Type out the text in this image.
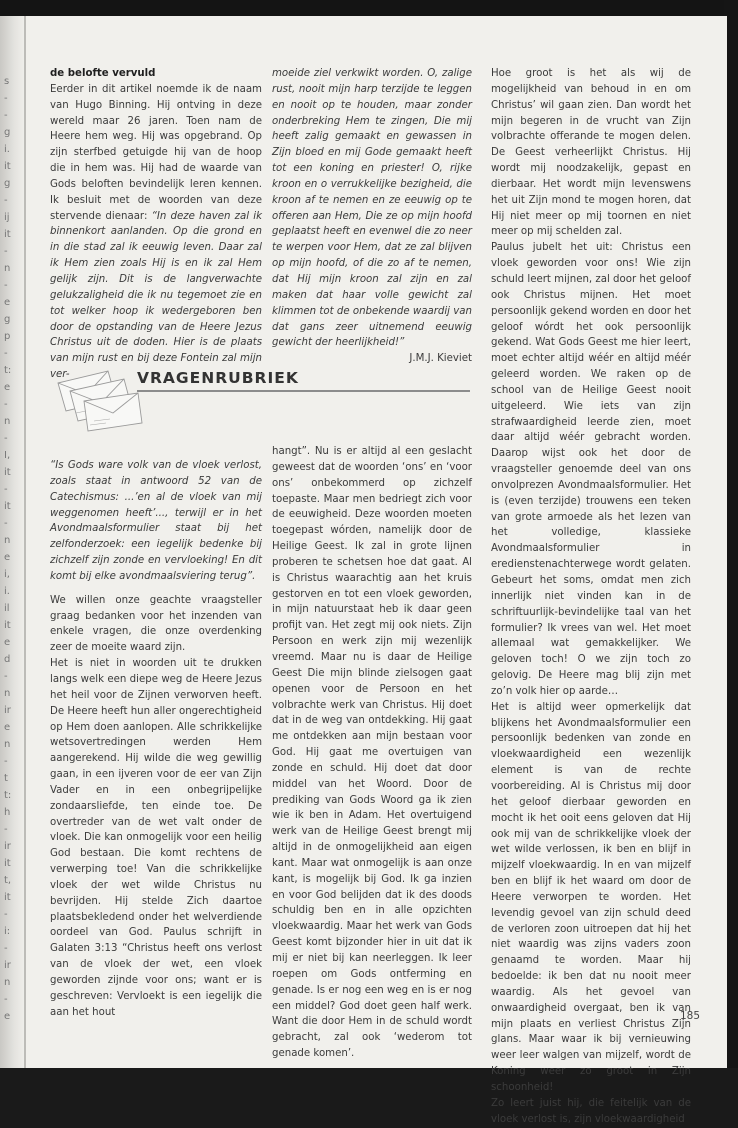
s
-
-
g
i.
it
g
-
ij
it
-
n
-
e
g
p
-
t:
e
-
n
-
I,
it
-
it
-
n
e
i,
i.
il
it
e
d
-
n
ir
e
n
-
t
t:
h
-
ir
it
t,
it
-
i:
-
ir
n
-
e

de belofte vervuld

Eerder in dit artikel noemde ik de naam van Hugo Binning. Hij ontving in deze wereld maar 26 jaren. Toen nam de Heere hem weg. Hij was opgebrand. Op zijn sterfbed getuigde hij van de hoop die in hem was. Hij had de waarde van Gods beloften bevindelijk leren kennen. Ik besluit met de woorden van deze stervende dienaar: “In deze haven zal ik binnenkort aanlanden. Op die grond en in die stad zal ik eeuwig leven. Daar zal ik Hem zien zoals Hij is en ik zal Hem gelijk zijn. Dit is de langverwachte gelukzaligheid die ik nu tegemoet zie en tot welker hoop ik wedergeboren ben door de opstanding van de Heere Jezus Christus uit de doden. Hier is de plaats van mijn rust en bij deze Fontein zal mijn ver-

moeide ziel verkwikt worden. O, zalige rust, nooit mijn harp terzijde te leggen en nooit op te houden, maar zonder onderbreking Hem te zingen, Die mij heeft zalig gemaakt en gewassen in Zijn bloed en mij Gode gemaakt heeft tot een koning en priester! O, rijke kroon en o verrukkelijke bezigheid, die kroon af te nemen en ze eeuwig op te offeren aan Hem, Die ze op mijn hoofd geplaatst heeft en evenwel die zo neer te werpen voor Hem, dat ze zal blijven op mijn hoofd, of die zo af te nemen, dat Hij mijn kroon zal zijn en zal maken dat haar volle gewicht zal klimmen tot de onbekende waardij van dat gans zeer uitnemend eeuwig gewicht der heerlijkheid!”

J.M.J. Kieviet

VRAGENRUBRIEK

“Is Gods ware volk van de vloek verlost, zoals staat in antwoord 52 van de Catechismus: ...’en al de vloek van mij weggenomen heeft’..., terwijl er in het Avondmaalsformulier staat bij het zelfonderzoek: een iegelijk bedenke bij zichzelf zijn zonde en vervloeking! En dit komt bij elke avondmaalsviering terug”.

We willen onze geachte vraagsteller graag bedanken voor het inzenden van enkele vragen, die onze overdenking zeer de moeite waard zijn.

Het is niet in woorden uit te drukken langs welk een diepe weg de Heere Jezus het heil voor de Zijnen verworven heeft. De Heere heeft hun aller ongerechtigheid op Hem doen aanlopen. Alle schrikkelijke wetsovertredingen werden Hem aangerekend. Hij wilde die weg gewillig gaan, in een ijveren voor de eer van Zijn Vader en in een onbegrijpelijke zondaarsliefde, ten einde toe. De overtreder van de wet valt onder de vloek. Die kan onmogelijk voor een heilig God bestaan. Die komt rechtens de verwerping toe! Van die schrikkelijke vloek der wet wilde Christus nu bevrijden. Hij stelde Zich daartoe plaatsbekledend onder het welverdiende oordeel van God. Paulus schrijft in Galaten 3:13 “Christus heeft ons verlost van de vloek der wet, een vloek geworden zijnde voor ons; want er is geschreven: Vervloekt is een iegelijk die aan het hout

hangt”. Nu is er altijd al een geslacht geweest dat de woorden ‘ons’ en ‘voor ons’ onbekommerd op zichzelf toepaste. Maar men bedriegt zich voor de eeuwigheid. Deze woorden moeten toegepast wórden, namelijk door de Heilige Geest. Ik zal in grote lijnen proberen te schetsen hoe dat gaat. Al is Christus waarachtig aan het kruis gestorven en tot een vloek geworden, in mijn natuurstaat heb ik daar geen profijt van. Het zegt mij ook niets. Zijn Persoon en werk zijn mij wezenlijk vreemd. Maar nu is daar de Heilige Geest Die mijn blinde zielsogen gaat openen voor de Persoon en het volbrachte werk van Christus. Hij doet dat in de weg van ontdekking. Hij gaat me ontdekken aan mijn bestaan voor God. Hij gaat me overtuigen van zonde en schuld. Hij doet dat door middel van het Woord. Door de prediking van Gods Woord ga ik zien wie ik ben in Adam. Het overtuigend werk van de Heilige Geest brengt mij altijd in de onmogelijkheid aan eigen kant. Maar wat onmogelijk is aan onze kant, is mogelijk bij God. Ik ga inzien en voor God belijden dat ik des doods schuldig ben en in alle opzichten vloekwaardig. Maar het werk van Gods Geest komt bijzonder hier in uit dat ik mij er niet bij kan neerleggen. Ik leer roepen om Gods ontferming en genade. Is er nog een weg en is er nog een middel? God doet geen half werk. Want die door Hem in de schuld wordt gebracht, zal ook ‘wederom tot genade komen’.

Hoe groot is het als wij de mogelijkheid van behoud in en om Christus’ wil gaan zien. Dan wordt het mijn begeren in de vrucht van Zijn volbrachte offerande te mogen delen. De Geest verheerlijkt Christus. Hij wordt mij noodzakelijk, gepast en dierbaar. Het wordt mijn levenswens het uit Zijn mond te mogen horen, dat Hij niet meer op mij toornen en niet meer op mij schelden zal.

Paulus jubelt het uit: Christus een vloek geworden voor ons! Wie zijn schuld leert mijnen, zal door het geloof ook Christus mijnen. Het moet persoonlijk gekend worden en door het geloof wórdt het ook persoonlijk gekend. Wat Gods Geest me hier leert, moet echter altijd wéér en altijd méér geleerd worden. We raken op de school van de Heilige Geest nooit uitgeleerd. Wie iets van zijn strafwaardigheid leerde zien, moet daar altijd wéér gebracht worden. Daarop wijst ook het door de vraagsteller genoemde deel van ons onvolprezen Avondmaalsformulier. Het is (even terzijde) trouwens een teken van grote armoede als het lezen van het volledige, klassieke Avondmaalsformulier in eredienstenachterwege wordt gelaten. Gebeurt het soms, omdat men zich innerlijk niet vinden kan in de schriftuurlijk-bevindelijke taal van het formulier? Ik vrees van wel. Het moet allemaal wat gemakkelijker. We geloven toch! O we zijn toch zo gelovig. De Heere mag blij zijn met zo’n volk hier op aarde…

Het is altijd weer opmerkelijk dat blijkens het Avondmaalsformulier een persoonlijk bedenken van zonde en vloekwaardigheid een wezenlijk element is van de rechte voorbereiding. Al is Christus mij door het geloof dierbaar geworden en mocht ik het ooit eens geloven dat Hij ook mij van de schrikkelijke vloek der wet wilde verlossen, ik ben en blijf in mijzelf vloekwaardig. In en van mijzelf ben en blijf ik het waard om door de Heere verworpen te worden. Het levendig gevoel van zijn schuld deed de verloren zoon uitroepen dat hij het niet waardig was zijns vaders zoon genaamd te worden. Maar hij bedoelde: ik ben dat nu nooit meer waardig. Als het gevoel van onwaardigheid overgaat, ben ik van mijn plaats en verliest Christus Zijn glans. Maar waar ik bij vernieuwing weer leer walgen van mijzelf, wordt de Koning weer zo groot in Zijn schoonheid!

Zo leert juist hij, die feitelijk van de vloek verlost is, zijn vloekwaardigheid

185
